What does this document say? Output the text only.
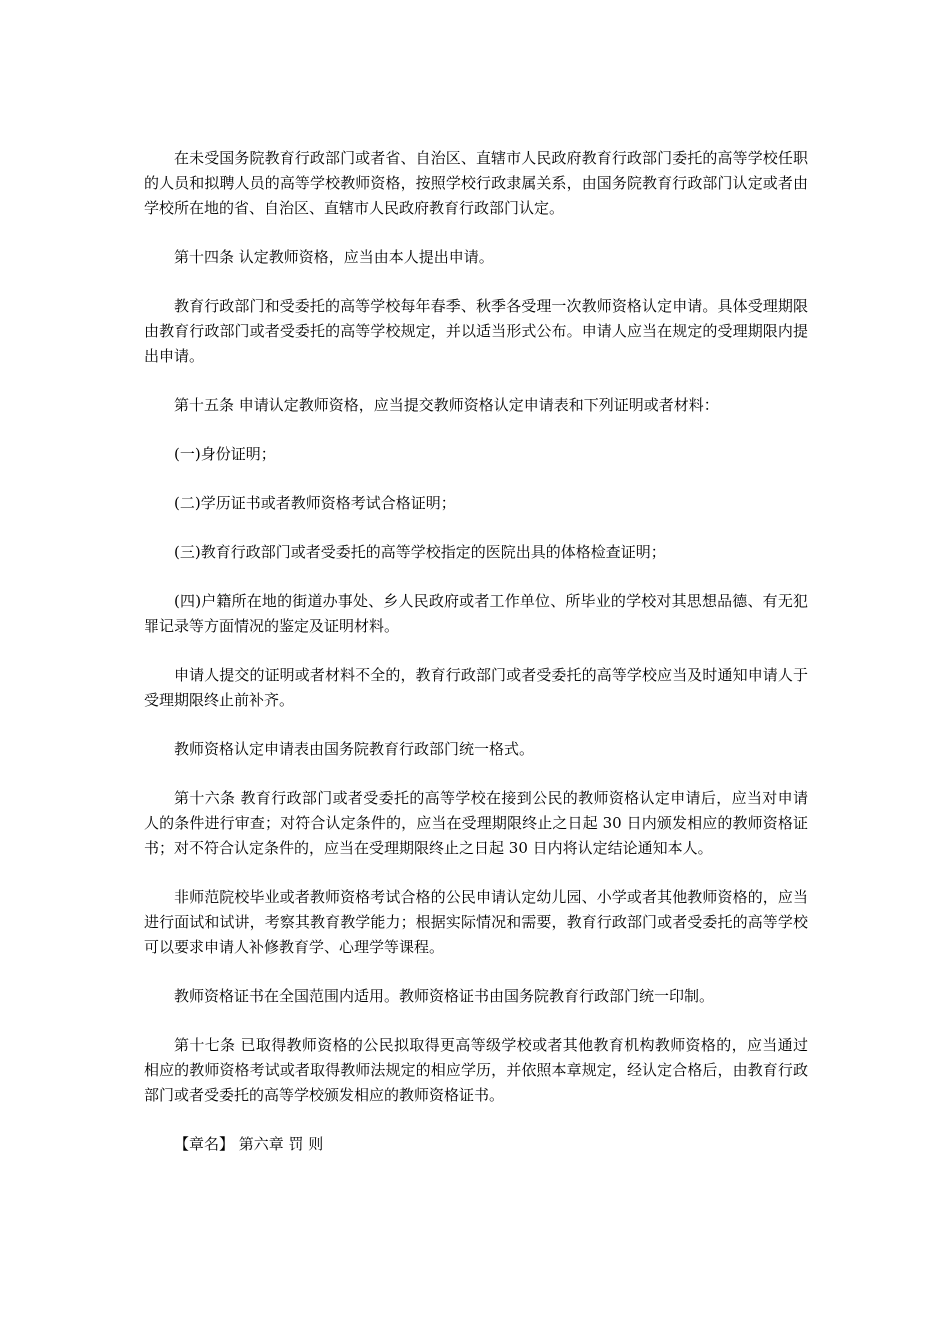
在未受国务院教育行政部门或者省、自治区、直辖市人民政府教育行政部门委托的高等学校任职的人员和拟聘人员的高等学校教师资格，按照学校行政隶属关系，由国务院教育行政部门认定或者由学校所在地的省、自治区、直辖市人民政府教育行政部门认定。

第十四条 认定教师资格，应当由本人提出申请。

教育行政部门和受委托的高等学校每年春季、秋季各受理一次教师资格认定申请。具体受理期限由教育行政部门或者受委托的高等学校规定，并以适当形式公布。申请人应当在规定的受理期限内提出申请。

第十五条 申请认定教师资格，应当提交教师资格认定申请表和下列证明或者材料：

(一)身份证明；

(二)学历证书或者教师资格考试合格证明；

(三)教育行政部门或者受委托的高等学校指定的医院出具的体格检查证明；

(四)户籍所在地的街道办事处、乡人民政府或者工作单位、所毕业的学校对其思想品德、有无犯罪记录等方面情况的鉴定及证明材料。

申请人提交的证明或者材料不全的，教育行政部门或者受委托的高等学校应当及时通知申请人于受理期限终止前补齐。

教师资格认定申请表由国务院教育行政部门统一格式。

第十六条 教育行政部门或者受委托的高等学校在接到公民的教师资格认定申请后，应当对申请人的条件进行审查；对符合认定条件的，应当在受理期限终止之日起 30 日内颁发相应的教师资格证书；对不符合认定条件的，应当在受理期限终止之日起 30 日内将认定结论通知本人。

非师范院校毕业或者教师资格考试合格的公民申请认定幼儿园、小学或者其他教师资格的，应当进行面试和试讲，考察其教育教学能力；根据实际情况和需要，教育行政部门或者受委托的高等学校可以要求申请人补修教育学、心理学等课程。

教师资格证书在全国范围内适用。教师资格证书由国务院教育行政部门统一印制。

第十七条 已取得教师资格的公民拟取得更高等级学校或者其他教育机构教师资格的，应当通过相应的教师资格考试或者取得教师法规定的相应学历，并依照本章规定，经认定合格后，由教育行政部门或者受委托的高等学校颁发相应的教师资格证书。

【章名】 第六章 罚 则
